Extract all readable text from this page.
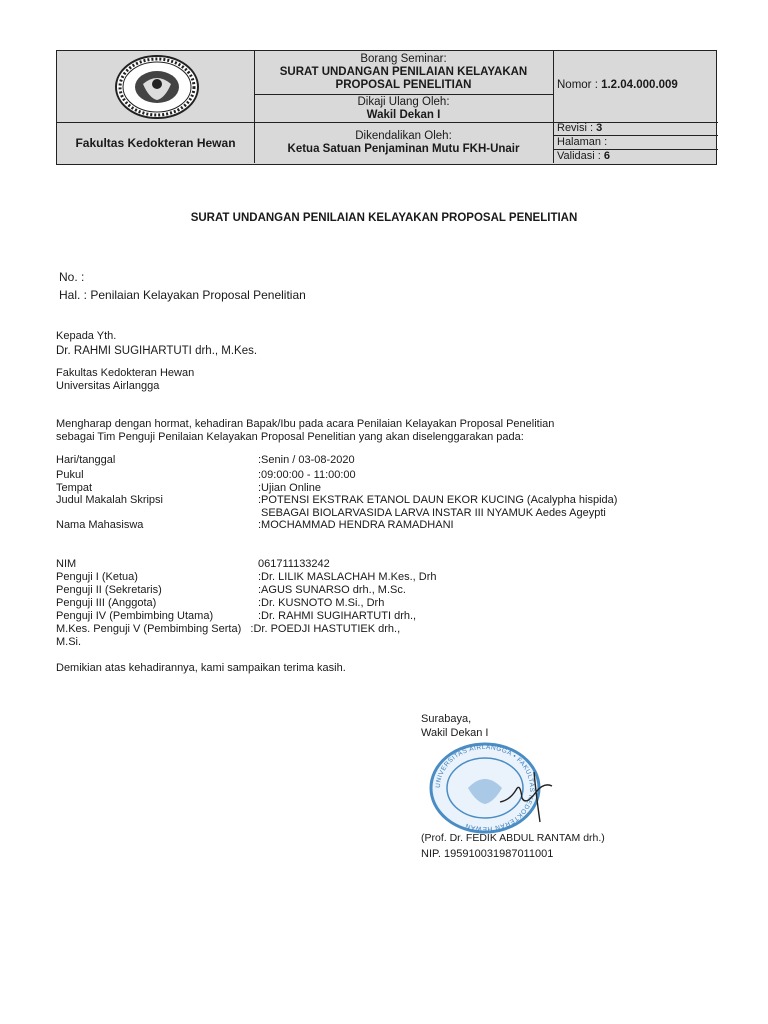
Fakultas Kedokteran Hewan
Borang Seminar:
SURAT UNDANGAN PENILAIAN KELAYAKAN
PROPOSAL PENELITIAN
Dikaji Ulang Oleh:
Wakil Dekan I
Dikendalikan Oleh:
Ketua Satuan Penjaminan Mutu FKH-Unair
Nomor : 1.2.04.000.009
Revisi : 3
Halaman :
Validasi : 6
SURAT UNDANGAN PENILAIAN KELAYAKAN PROPOSAL PENELITIAN
No. :
Hal. : Penilaian Kelayakan Proposal Penelitian
Kepada Yth.
Dr. RAHMI SUGIHARTUTI drh., M.Kes.
Fakultas Kedokteran Hewan
Universitas Airlangga
Mengharap dengan hormat, kehadiran Bapak/Ibu pada acara Penilaian Kelayakan Proposal Penelitian
sebagai Tim Penguji Penilaian Kelayakan Proposal Penelitian yang akan diselenggarakan pada:
Hari/tanggal	:Senin / 03-08-2020
Pukul	:09:00:00 - 11:00:00
Tempat	:Ujian Online
Judul Makalah Skripsi	:POTENSI EKSTRAK ETANOL DAUN EKOR KUCING (Acalypha hispida)
SEBAGAI BIOLARVASIDA LARVA INSTAR III NYAMUK Aedes Ageypti
Nama Mahasiswa	:MOCHAMMAD HENDRA RAMADHANI
NIM	061711133242
Penguji I (Ketua)	:Dr. LILIK MASLACHAH M.Kes., Drh
Penguji II (Sekretaris)	:AGUS SUNARSO drh., M.Sc.
Penguji III (Anggota)	:Dr. KUSNOTO M.Si., Drh
Penguji IV (Pembimbing Utama)	:Dr. RAHMI SUGIHARTUTI drh.,
M.Kes. Penguji V (Pembimbing Serta)   :Dr. POEDJI HASTUTIEK drh.,
M.Si.
Demikian atas kehadirannya, kami sampaikan terima kasih.
Surabaya,
Wakil Dekan I
UNIVERSITAS AIRLANGGA • FAKULTAS KEDOKTERAN HEWAN
(Prof. Dr. FEDIK ABDUL RANTAM drh.)
NIP. 195910031987011001
